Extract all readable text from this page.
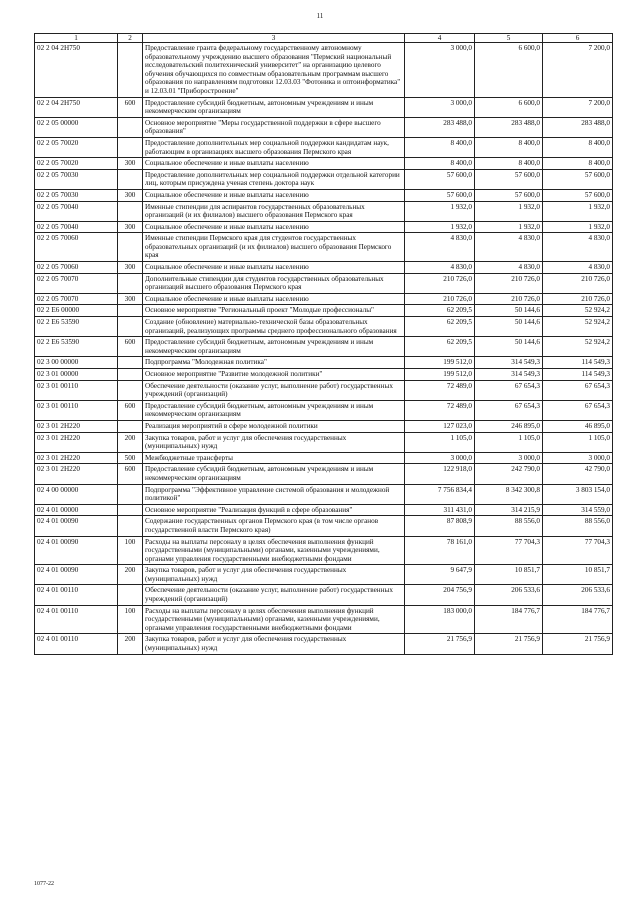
11
1	2	3	4	5	6
02 2 04 2Н750		Предоставление гранта федеральному государственному автономному образовательному учреждению высшего образования "Пермский национальный исследовательский политехнический университет" на организацию целевого обучения обучающихся по совместным образовательным программам высшего образования по направлениям подготовки 12.03.03 "Фотоника и оптоинформатика" и 12.03.01 "Приборостроение"	3 000,0	6 600,0	7 200,0
02 2 04 2Н750	600	Предоставление субсидий бюджетным, автономным учреждениям и иным некоммерческим организациям	3 000,0	6 600,0	7 200,0
02 2 05 00000		Основное мероприятие "Меры государственной поддержки в сфере высшего образования"	283 488,0	283 488,0	283 488,0
02 2 05 70020		Предоставление дополнительных мер социальной поддержки кандидатам наук, работающим в организациях высшего образования Пермского края	8 400,0	8 400,0	8 400,0
02 2 05 70020	300	Социальное обеспечение и иные выплаты населению	8 400,0	8 400,0	8 400,0
02 2 05 70030		Предоставление дополнительных мер социальной поддержки отдельной категории лиц, которым присуждена ученая степень доктора наук	57 600,0	57 600,0	57 600,0
02 2 05 70030	300	Социальное обеспечение и иные выплаты населению	57 600,0	57 600,0	57 600,0
02 2 05 70040		Именные стипендии для аспирантов государственных образовательных организаций (и их филиалов) высшего образования Пермского края	1 932,0	1 932,0	1 932,0
02 2 05 70040	300	Социальное обеспечение и иные выплаты населению	1 932,0	1 932,0	1 932,0
02 2 05 70060		Именные стипендии Пермского края для студентов государственных образовательных организаций (и их филиалов) высшего образования Пермского края	4 830,0	4 830,0	4 830,0
02 2 05 70060	300	Социальное обеспечение и иные выплаты населению	4 830,0	4 830,0	4 830,0
02 2 05 70070		Дополнительные стипендии для студентов государственных образовательных организаций высшего образования Пермского края	210 726,0	210 726,0	210 726,0
02 2 05 70070	300	Социальное обеспечение и иные выплаты населению	210 726,0	210 726,0	210 726,0
02 2 Е6 00000		Основное мероприятие "Региональный проект "Молодые профессионалы"	62 209,5	50 144,6	52 924,2
02 2 Е6 53590		Создание (обновление) материально-технической базы образовательных организаций, реализующих программы среднего профессионального образования	62 209,5	50 144,6	52 924,2
02 2 Е6 53590	600	Предоставление субсидий бюджетным, автономным учреждениям и иным некоммерческим организациям	62 209,5	50 144,6	52 924,2
02 3 00 00000		Подпрограмма "Молодежная политика"	199 512,0	314 549,3	114 549,3
02 3 01 00000		Основное мероприятие "Развитие молодежной политики"	199 512,0	314 549,3	114 549,3
02 3 01 00110		Обеспечение деятельности (оказание услуг, выполнение работ) государственных учреждений (организаций)	72 489,0	67 654,3	67 654,3
02 3 01 00110	600	Предоставление субсидий бюджетным, автономным учреждениям и иным некоммерческим организациям	72 489,0	67 654,3	67 654,3
02 3 01 2Н220		Реализация мероприятий в сфере молодежной политики	127 023,0	246 895,0	46 895,0
02 3 01 2Н220	200	Закупка товаров, работ и услуг для обеспечения государственных (муниципальных) нужд	1 105,0	1 105,0	1 105,0
02 3 01 2Н220	500	Межбюджетные трансферты	3 000,0	3 000,0	3 000,0
02 3 01 2Н220	600	Предоставление субсидий бюджетным, автономным учреждениям и иным некоммерческим организациям	122 918,0	242 790,0	42 790,0
02 4 00 00000		Подпрограмма "Эффективное управление системой образования и молодежной политикой"	7 756 834,4	8 342 300,8	3 803 154,0
02 4 01 00000		Основное мероприятие "Реализация функций в сфере образования"	311 431,0	314 215,9	314 559,0
02 4 01 00090		Содержание государственных органов Пермского края (в том числе органов государственной власти Пермского края)	87 808,9	88 556,0	88 556,0
02 4 01 00090	100	Расходы на выплаты персоналу в целях обеспечения выполнения функций государственными (муниципальными) органами, казенными учреждениями, органами управления государственными внебюджетными фондами	78 161,0	77 704,3	77 704,3
02 4 01 00090	200	Закупка товаров, работ и услуг для обеспечения государственных (муниципальных) нужд	9 647,9	10 851,7	10 851,7
02 4 01 00110		Обеспечение деятельности (оказание услуг, выполнение работ) государственных учреждений (организаций)	204 756,9	206 533,6	206 533,6
02 4 01 00110	100	Расходы на выплаты персоналу в целях обеспечения выполнения функций государственными (муниципальными) органами, казенными учреждениями, органами управления государственными внебюджетными фондами	183 000,0	184 776,7	184 776,7
02 4 01 00110	200	Закупка товаров, работ и услуг для обеспечения государственных (муниципальных) нужд	21 756,9	21 756,9	21 756,9
1077-22
